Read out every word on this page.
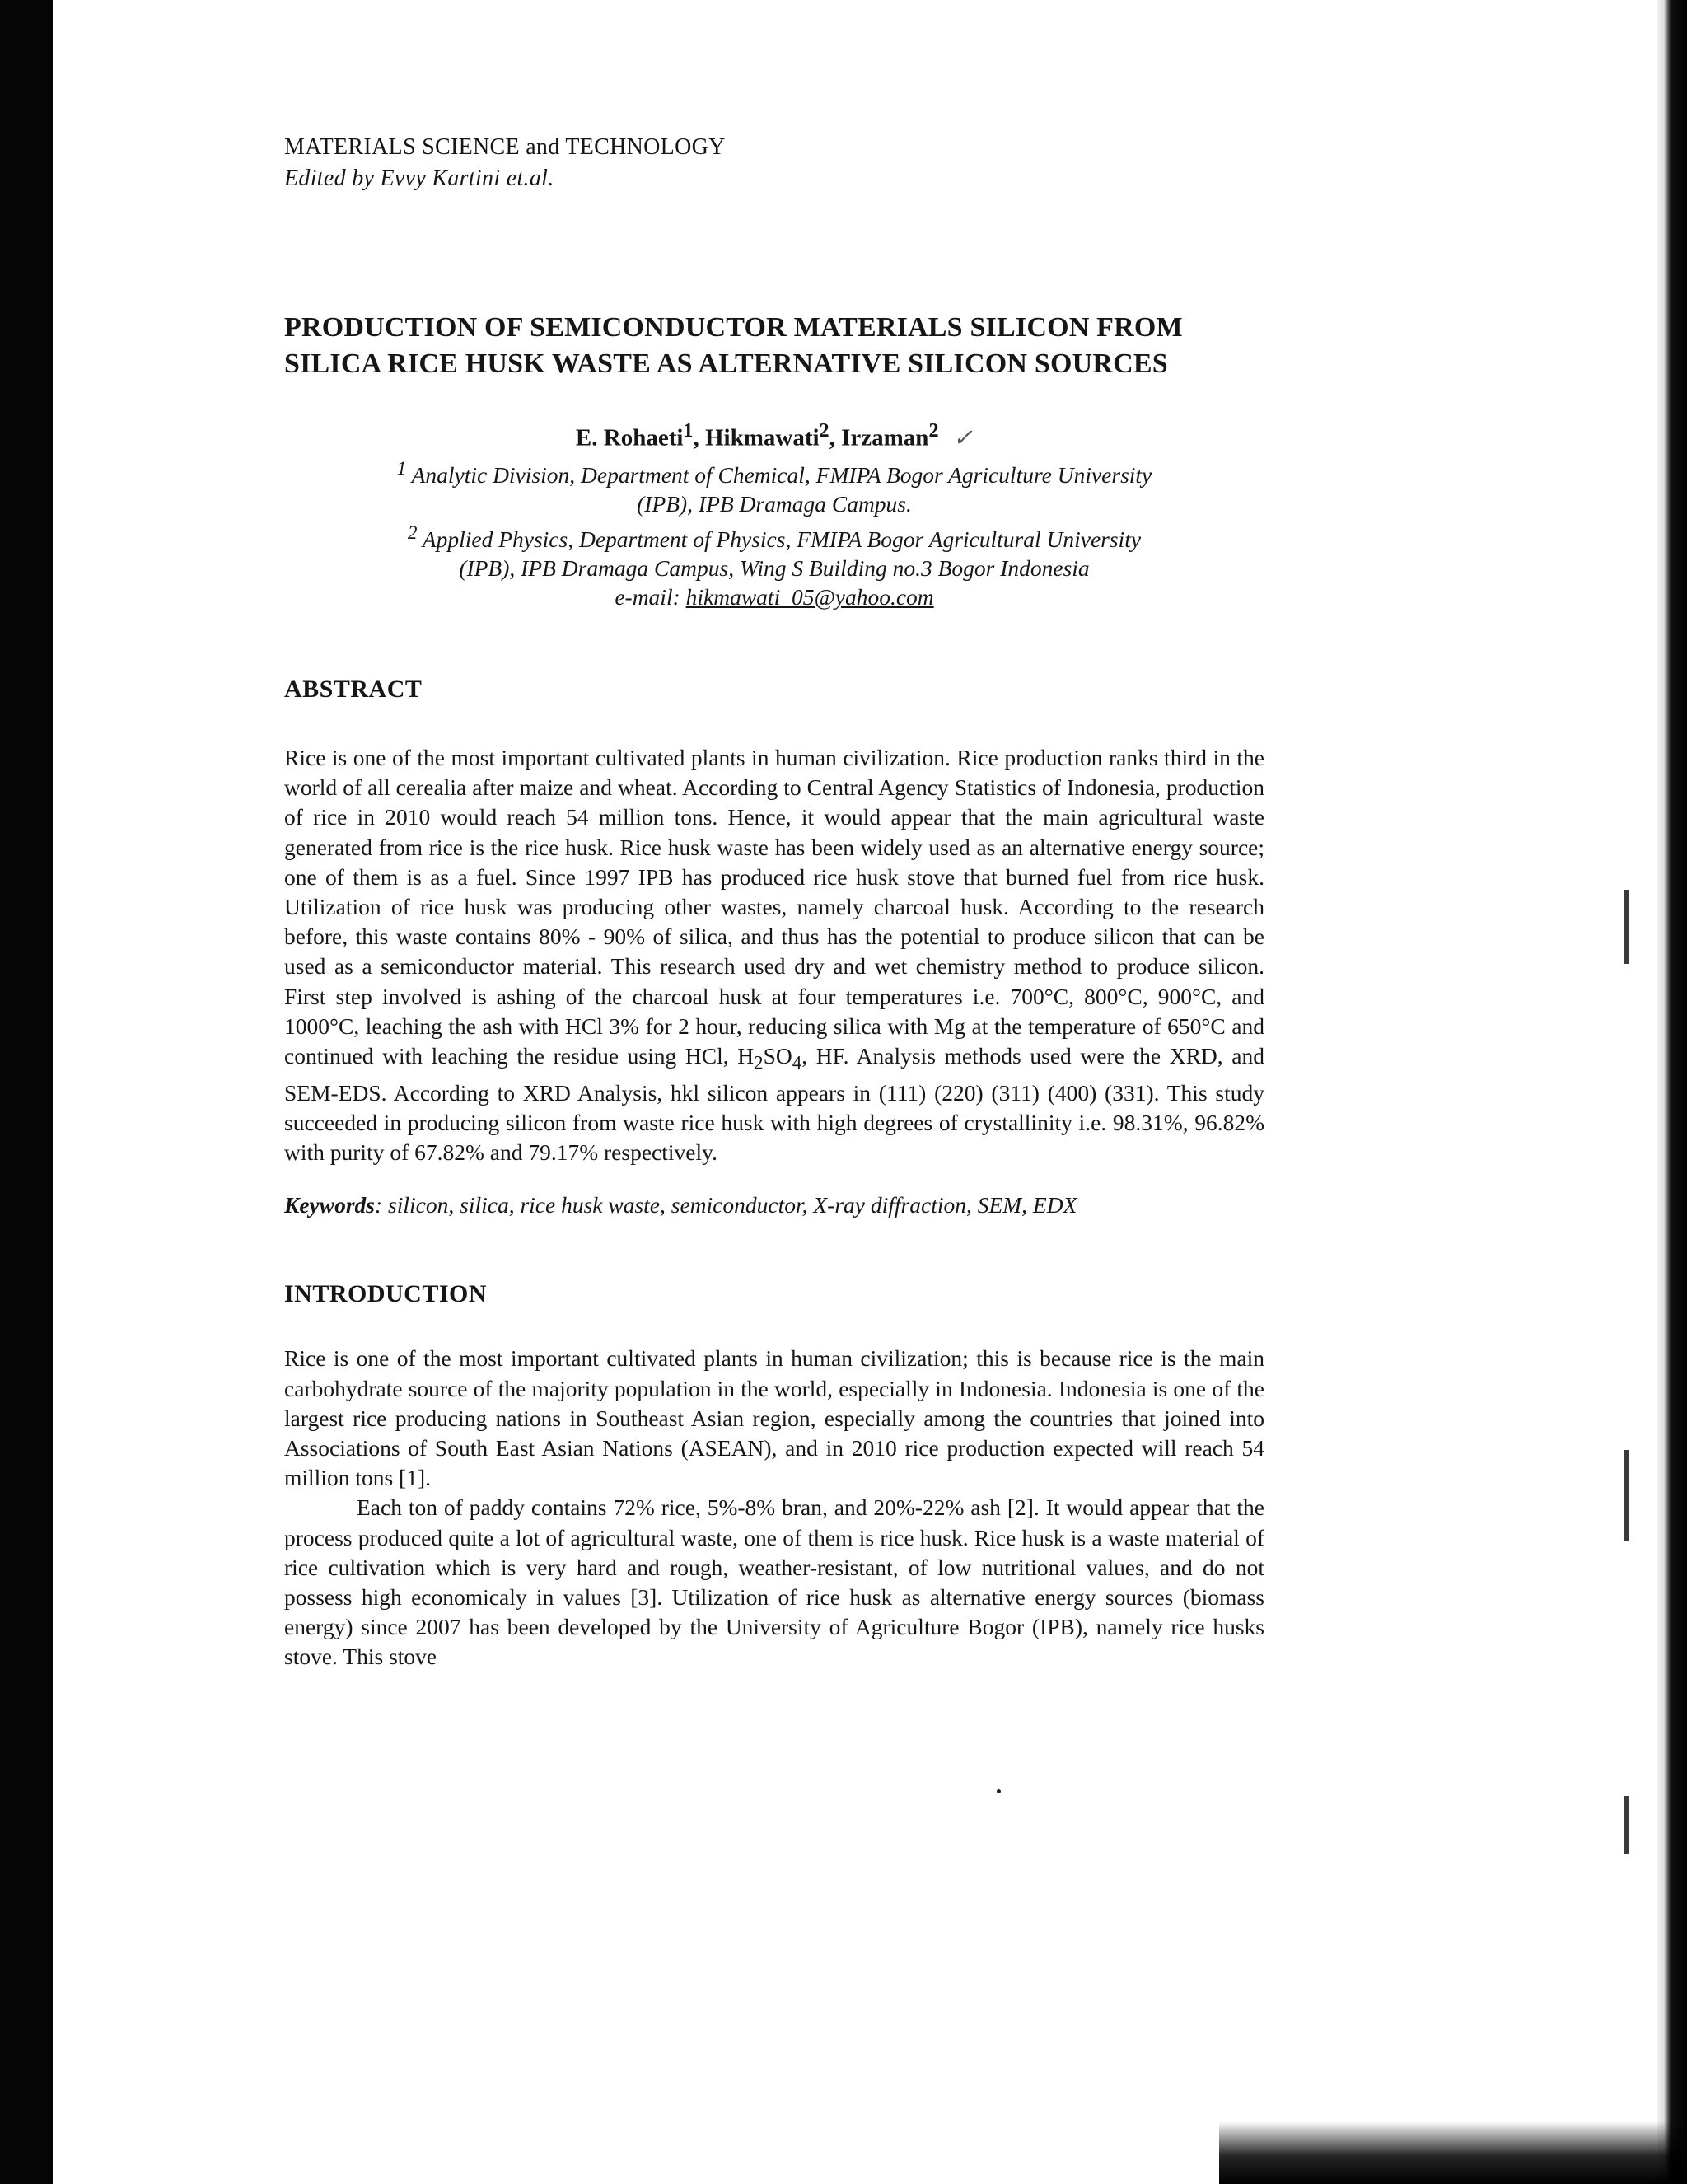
MATERIALS SCIENCE and TECHNOLOGY
Edited by Evvy Kartini et.al.
PRODUCTION OF SEMICONDUCTOR MATERIALS SILICON FROM
SILICA RICE HUSK WASTE AS ALTERNATIVE SILICON SOURCES
E. Rohaeti$^1$, Hikmawati$^2$, Irzaman$^2$ ✓
$^1$ Analytic Division, Department of Chemical, FMIPA Bogor Agriculture University
(IPB), IPB Dramaga Campus.
$^2$ Applied Physics, Department of Physics, FMIPA Bogor Agricultural University
(IPB), IPB Dramaga Campus, Wing S Building no.3 Bogor Indonesia
e-mail: hikmawati_05@yahoo.com
ABSTRACT

Rice is one of the most important cultivated plants in human civilization. Rice production ranks third in the world of all cerealia after maize and wheat. According to Central Agency Statistics of Indonesia, production of rice in 2010 would reach 54 million tons. Hence, it would appear that the main agricultural waste generated from rice is the rice husk. Rice husk waste has been widely used as an alternative energy source; one of them is as a fuel. Since 1997 IPB has produced rice husk stove that burned fuel from rice husk. Utilization of rice husk was producing other wastes, namely charcoal husk. According to the research before, this waste contains 80% - 90% of silica, and thus has the potential to produce silicon that can be used as a semiconductor material. This research used dry and wet chemistry method to produce silicon. First step involved is ashing of the charcoal husk at four temperatures i.e. 700°C, 800°C, 900°C, and 1000°C, leaching the ash with HCl 3% for 2 hour, reducing silica with Mg at the temperature of 650°C and continued with leaching the residue using HCl, $H_2SO_4$, HF. Analysis methods used were the XRD, and SEM-EDS. According to XRD Analysis, hkl silicon appears in (111) (220) (311) (400) (331). This study succeeded in producing silicon from waste rice husk with high degrees of crystallinity i.e. 98.31%, 96.82% with purity of 67.82% and 79.17% respectively.

Keywords: silicon, silica, rice husk waste, semiconductor, X-ray diffraction, SEM, EDX
INTRODUCTION

Rice is one of the most important cultivated plants in human civilization; this is because rice is the main carbohydrate source of the majority population in the world, especially in Indonesia. Indonesia is one of the largest rice producing nations in Southeast Asian region, especially among the countries that joined into Associations of South East Asian Nations (ASEAN), and in 2010 rice production expected will reach 54 million tons [1].

Each ton of paddy contains 72% rice, 5%-8% bran, and 20%-22% ash [2]. It would appear that the process produced quite a lot of agricultural waste, one of them is rice husk. Rice husk is a waste material of rice cultivation which is very hard and rough, weather-resistant, of low nutritional values, and do not possess high economicaly in values [3]. Utilization of rice husk as alternative energy sources (biomass energy) since 2007 has been developed by the University of Agriculture Bogor (IPB), namely rice husks stove. This stove
